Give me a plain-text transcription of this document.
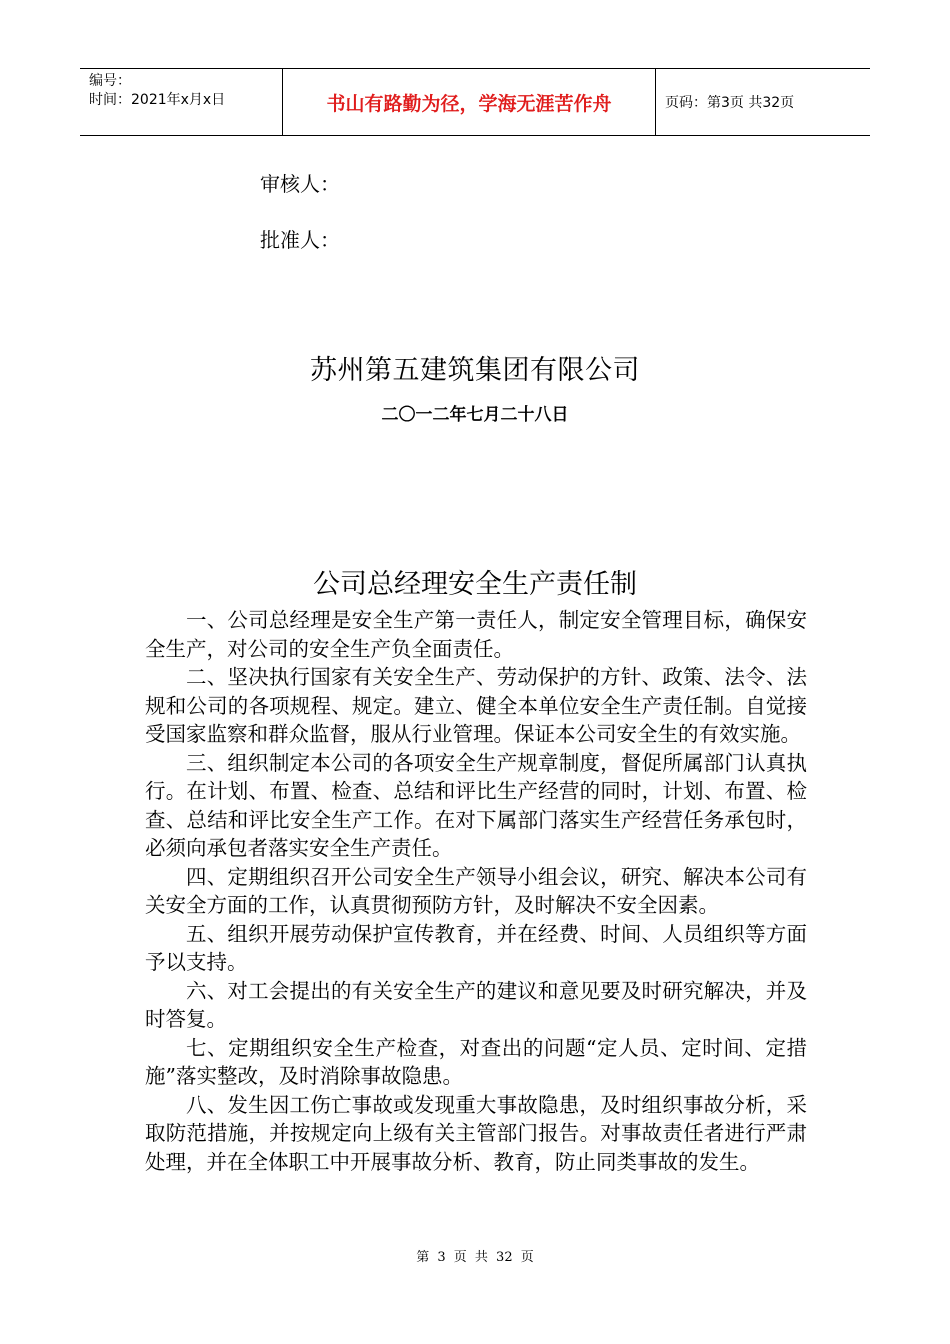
编号：
时间：2021年x月x日	书山有路勤为径，学海无涯苦作舟	页码：第3页 共32页
审核人：
批准人：
苏州第五建筑集团有限公司
二〇一二年七月二十八日
公司总经理安全生产责任制

一、公司总经理是安全生产第一责任人，制定安全管理目标，确保安全生产，对公司的安全生产负全面责任。

二、坚决执行国家有关安全生产、劳动保护的方针、政策、法令、法规和公司的各项规程、规定。建立、健全本单位安全生产责任制。自觉接受国家监察和群众监督，服从行业管理。保证本公司安全生的有效实施。

三、组织制定本公司的各项安全生产规章制度，督促所属部门认真执行。在计划、布置、检查、总结和评比生产经营的同时，计划、布置、检查、总结和评比安全生产工作。在对下属部门落实生产经营任务承包时，必须向承包者落实安全生产责任。

四、定期组织召开公司安全生产领导小组会议，研究、解决本公司有关安全方面的工作，认真贯彻预防方针，及时解决不安全因素。

五、组织开展劳动保护宣传教育，并在经费、时间、人员组织等方面予以支持。

六、对工会提出的有关安全生产的建议和意见要及时研究解决，并及时答复。

七、定期组织安全生产检查，对查出的问题“定人员、定时间、定措施”落实整改，及时消除事故隐患。

八、发生因工伤亡事故或发现重大事故隐患，及时组织事故分析，采取防范措施，并按规定向上级有关主管部门报告。对事故责任者进行严肃处理，并在全体职工中开展事故分析、教育，防止同类事故的发生。

第 3 页 共 32 页
